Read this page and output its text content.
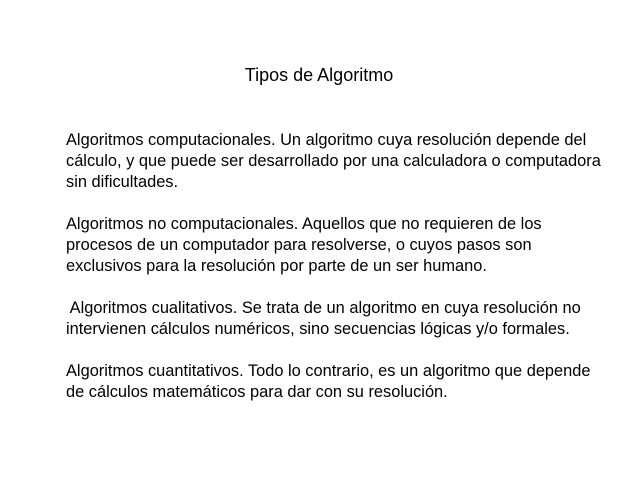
Tipos de Algoritmo

Algoritmos computacionales. Un algoritmo cuya resolución depende del
cálculo, y que puede ser desarrollado por una calculadora o computadora
sin dificultades.

Algoritmos no computacionales. Aquellos que no requieren de los
procesos de un computador para resolverse, o cuyos pasos son
exclusivos para la resolución por parte de un ser humano.

Algoritmos cualitativos. Se trata de un algoritmo en cuya resolución no
intervienen cálculos numéricos, sino secuencias lógicas y/o formales.

Algoritmos cuantitativos. Todo lo contrario, es un algoritmo que depende
de cálculos matemáticos para dar con su resolución.
